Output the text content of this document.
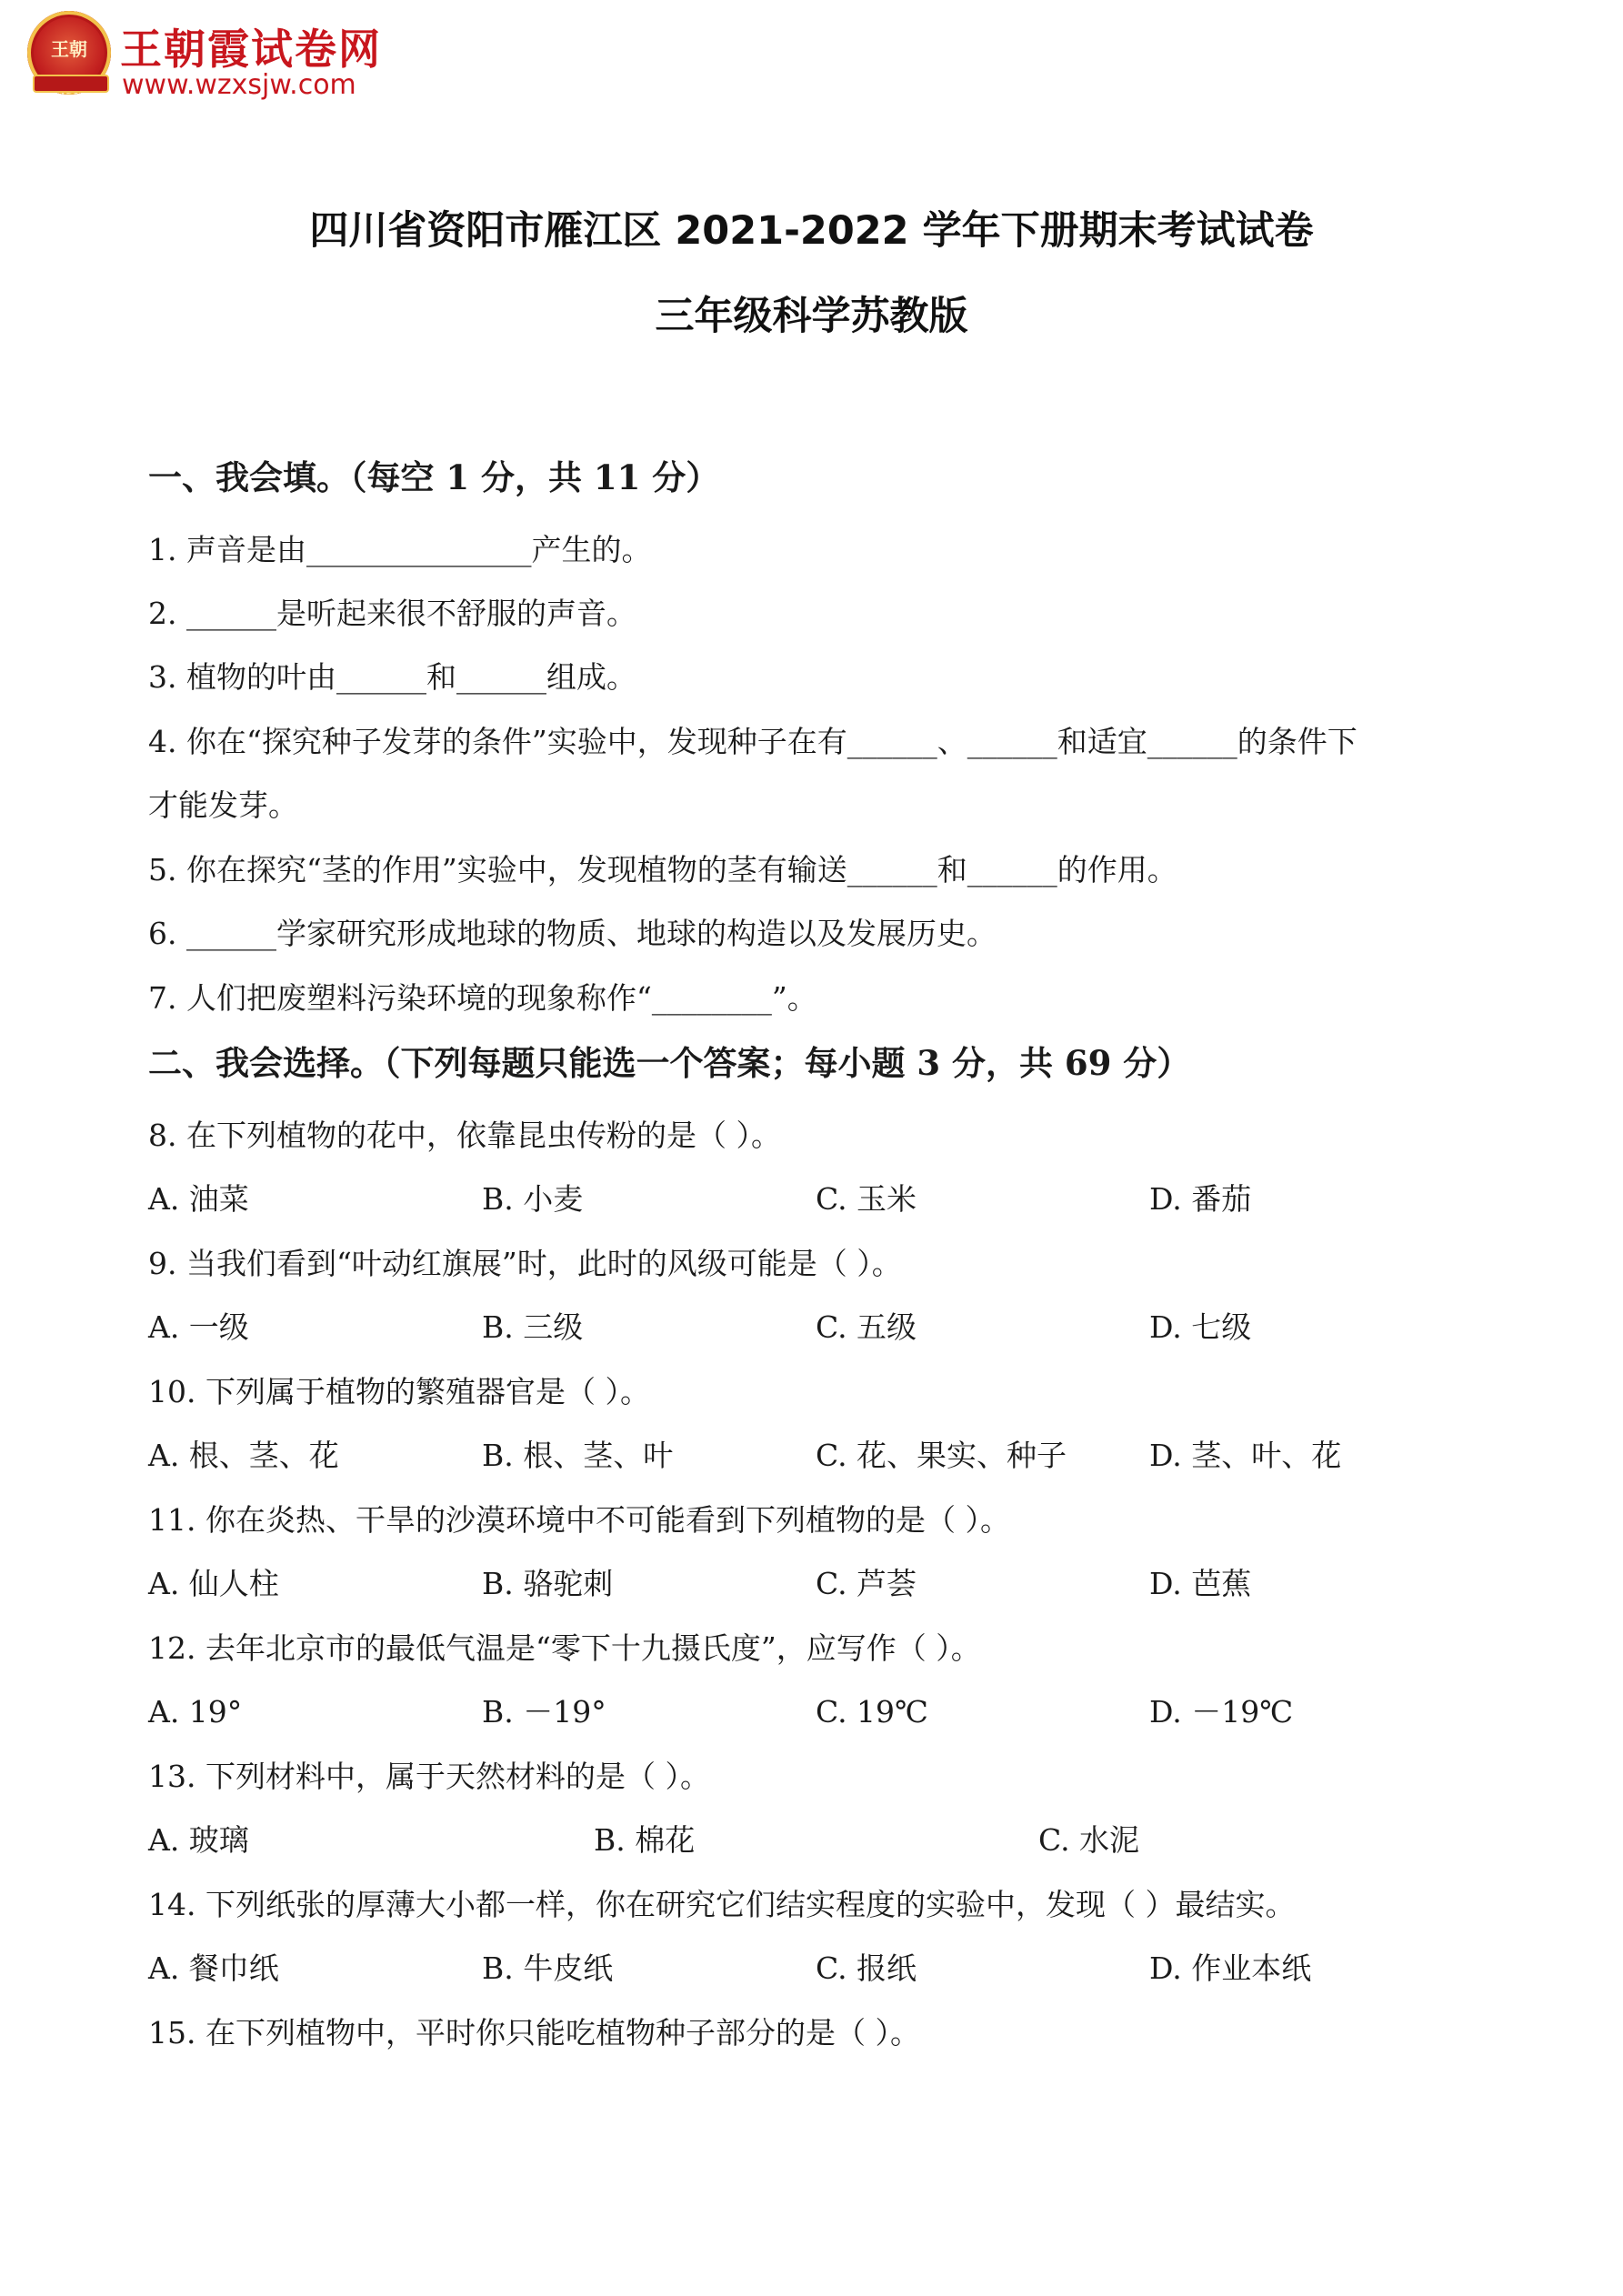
王朝 王朝霞试卷网
www.wzxsjw.com
四川省资阳市雁江区 2021-2022 学年下册期末考试试卷
三年级科学苏教版
一、我会填。（每空 1 分，共 11 分）
1. 声音是由_______________产生的。
2. ______是听起来很不舒服的声音。
3. 植物的叶由______和______组成。
4. 你在“探究种子发芽的条件”实验中，发现种子在有______、______和适宜______的条件下
才能发芽。
5. 你在探究“茎的作用”实验中，发现植物的茎有输送______和______的作用。
6. ______学家研究形成地球的物质、地球的构造以及发展历史。
7. 人们把废塑料污染环境的现象称作“________”。
二、我会选择。（下列每题只能选一个答案；每小题 3 分，共 69 分）
8. 在下列植物的花中，依靠昆虫传粉的是（ ）。
A. 油菜	B. 小麦	C. 玉米	D. 番茄
9. 当我们看到“叶动红旗展”时，此时的风级可能是（ ）。
A. 一级	B. 三级	C. 五级	D. 七级
10. 下列属于植物的繁殖器官是（ ）。
A. 根、茎、花	B. 根、茎、叶	C. 花、果实、种子	D. 茎、叶、花
11. 你在炎热、干旱的沙漠环境中不可能看到下列植物的是（ ）。
A. 仙人柱	B. 骆驼刺	C. 芦荟	D. 芭蕉
12. 去年北京市的最低气温是“零下十九摄氏度”，应写作（ ）。
A. 19°	B. －19°	C. 19℃	D. －19℃
13. 下列材料中，属于天然材料的是（ ）。
A. 玻璃	B. 棉花	C. 水泥
14. 下列纸张的厚薄大小都一样，你在研究它们结实程度的实验中，发现（ ）最结实。
A. 餐巾纸	B. 牛皮纸	C. 报纸	D. 作业本纸
15. 在下列植物中，平时你只能吃植物种子部分的是（ ）。
